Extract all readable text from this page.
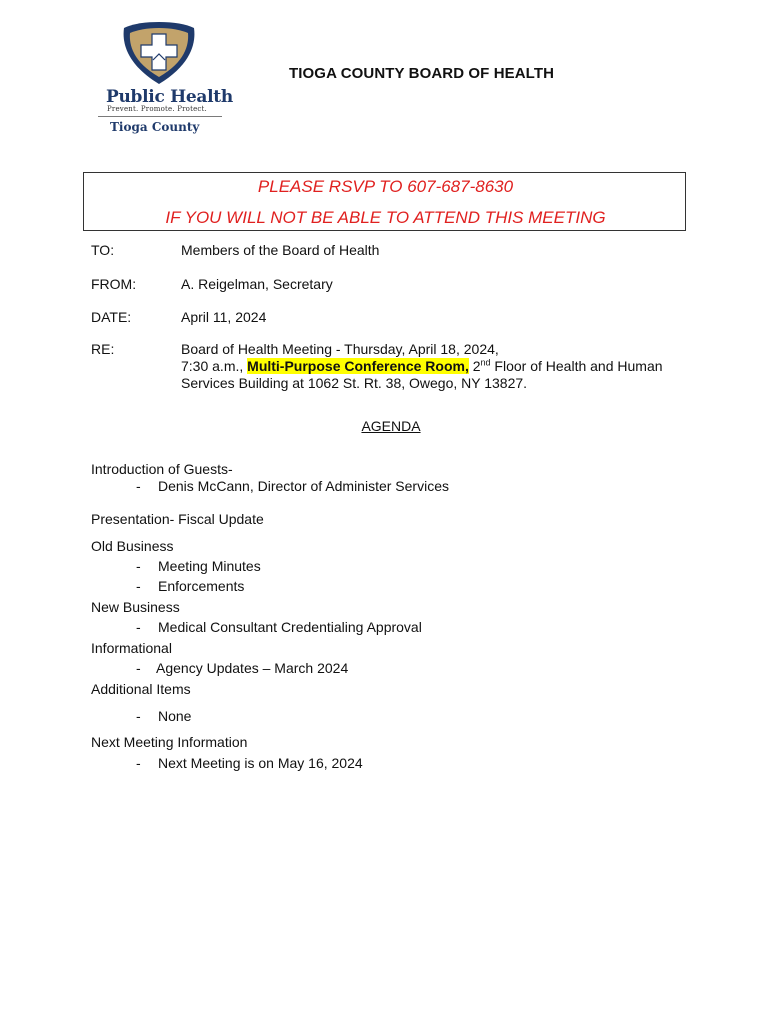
Public Health
Prevent. Promote. Protect.
Tioga County
TIOGA COUNTY BOARD OF HEALTH
PLEASE RSVP TO 607-687-8630
IF YOU WILL NOT BE ABLE TO ATTEND THIS MEETING
TO:	Members of the Board of Health
FROM:	A. Reigelman, Secretary
DATE:	April 11, 2024
RE:	Board of Health Meeting - Thursday, April 18, 2024,
7:30 a.m., Multi-Purpose Conference Room, 2nd Floor of Health and Human
Services Building at 1062 St. Rt. 38, Owego, NY 13827.
AGENDA
Introduction of Guests-
- Denis McCann, Director of Administer Services
Presentation- Fiscal Update
Old Business
- Meeting Minutes
- Enforcements
New Business
- Medical Consultant Credentialing Approval
Informational
- Agency Updates – March 2024
Additional Items
- None
Next Meeting Information
- Next Meeting is on May 16, 2024
